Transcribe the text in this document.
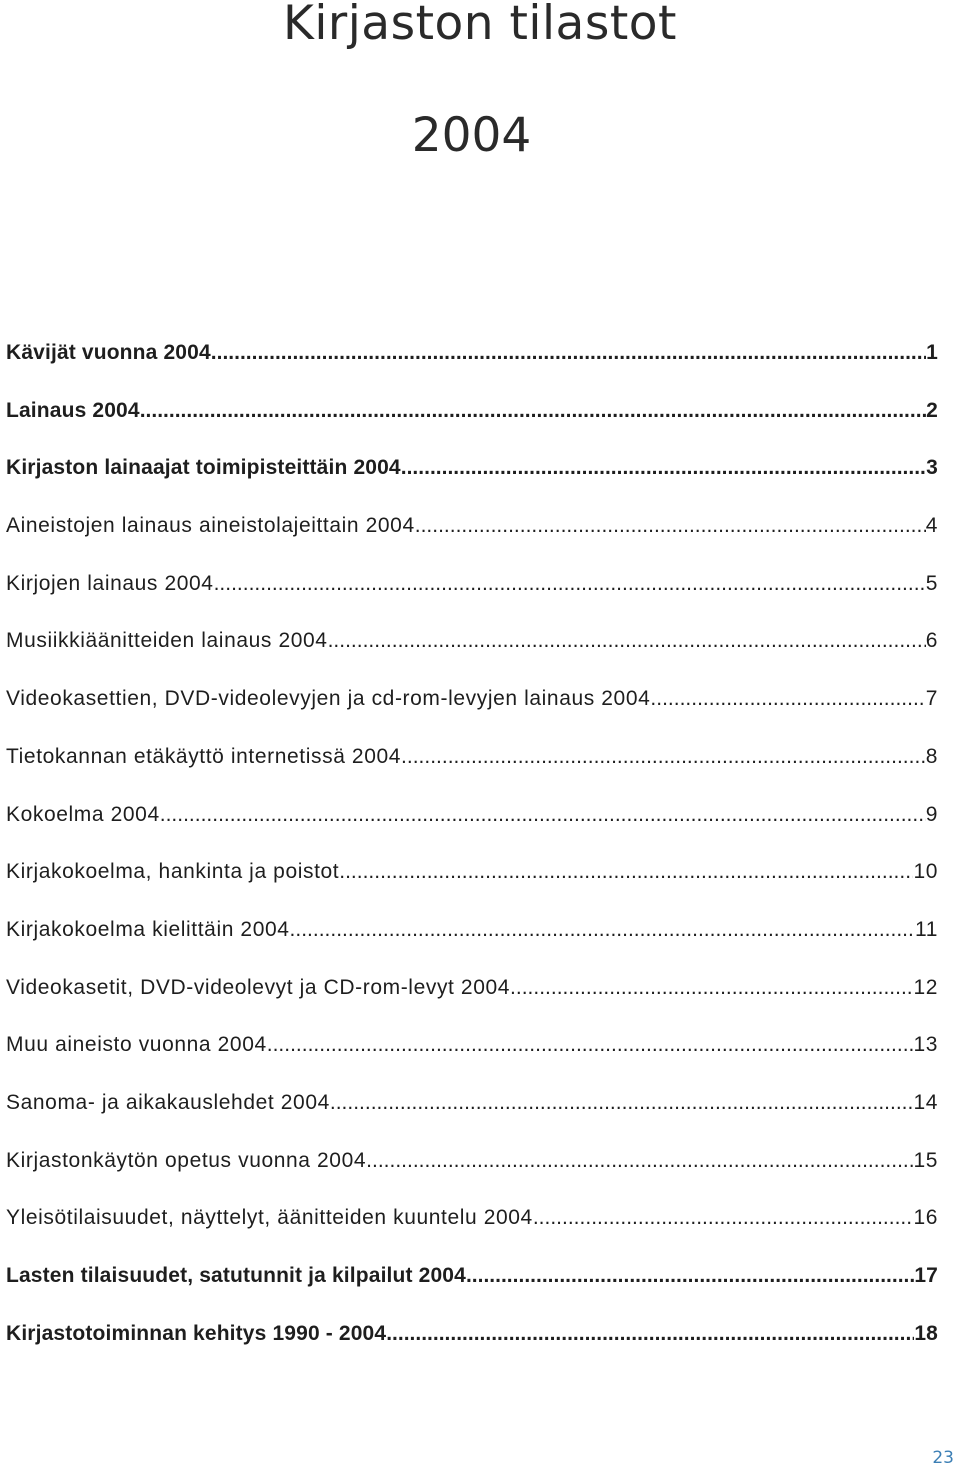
Kirjaston tilastot
2004
Kävijät vuonna 2004 .....	1
Lainaus 2004 .....	2
Kirjaston lainaajat toimipisteittäin 2004 .....	3
Aineistojen lainaus aineistolajeittain 2004 .....	4
Kirjojen lainaus 2004 .....	5
Musiikkiäänitteiden lainaus 2004 .....	6
Videokasettien, DVD-videolevyjen ja cd-rom-levyjen lainaus 2004 .....	7
Tietokannan etäkäyttö internetissä 2004 .....	8
Kokoelma 2004 .....	9
Kirjakokoelma, hankinta ja poistot .....	10
Kirjakokoelma kielittäin 2004 .....	11
Videokasetit, DVD-videolevyt ja CD-rom-levyt 2004 .....	12
Muu aineisto vuonna 2004 .....	13
Sanoma- ja aikakauslehdet 2004 .....	14
Kirjastonkäytön opetus vuonna 2004 .....	15
Yleisötilaisuudet, näyttelyt, äänitteiden kuuntelu 2004 .....	16
Lasten tilaisuudet, satutunnit ja kilpailut 2004 .....	17
Kirjastotoiminnan kehitys 1990 - 2004 .....	18
23
